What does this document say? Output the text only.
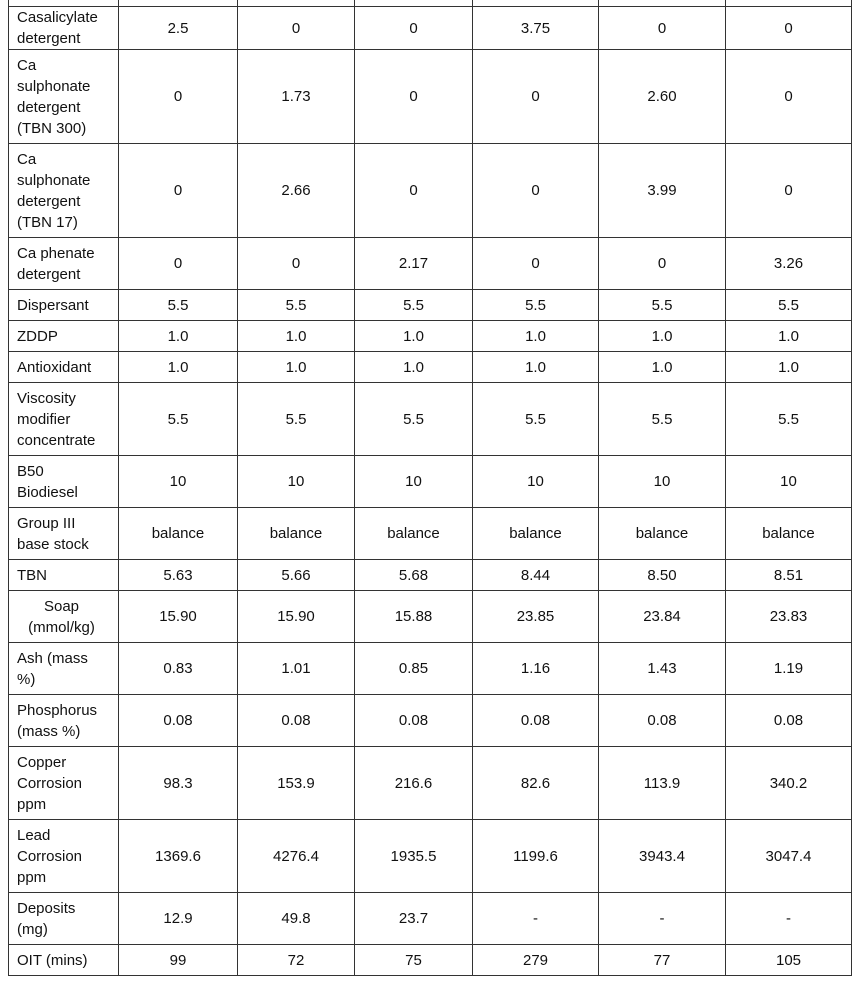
Casalicylate
detergent	2.5	0	0	3.75	0	0
Ca
sulphonate
detergent
(TBN 300)	0	1.73	0	0	2.60	0
Ca
sulphonate
detergent
(TBN 17)	0	2.66	0	0	3.99	0
Ca phenate
detergent	0	0	2.17	0	0	3.26
Dispersant	5.5	5.5	5.5	5.5	5.5	5.5
ZDDP	1.0	1.0	1.0	1.0	1.0	1.0
Antioxidant	1.0	1.0	1.0	1.0	1.0	1.0
Viscosity
modifier
concentrate	5.5	5.5	5.5	5.5	5.5	5.5
B50
Biodiesel	10	10	10	10	10	10
Group III
base stock	balance	balance	balance	balance	balance	balance
TBN	5.63	5.66	5.68	8.44	8.50	8.51
Soap
(mmol/kg)	15.90	15.90	15.88	23.85	23.84	23.83
Ash (mass
%)	0.83	1.01	0.85	1.16	1.43	1.19
Phosphorus
(mass %)	0.08	0.08	0.08	0.08	0.08	0.08
Copper
Corrosion
ppm	98.3	153.9	216.6	82.6	113.9	340.2
Lead
Corrosion
ppm	1369.6	4276.4	1935.5	1199.6	3943.4	3047.4
Deposits
(mg)	12.9	49.8	23.7	-	-	-
OIT (mins)	99	72	75	279	77	105
